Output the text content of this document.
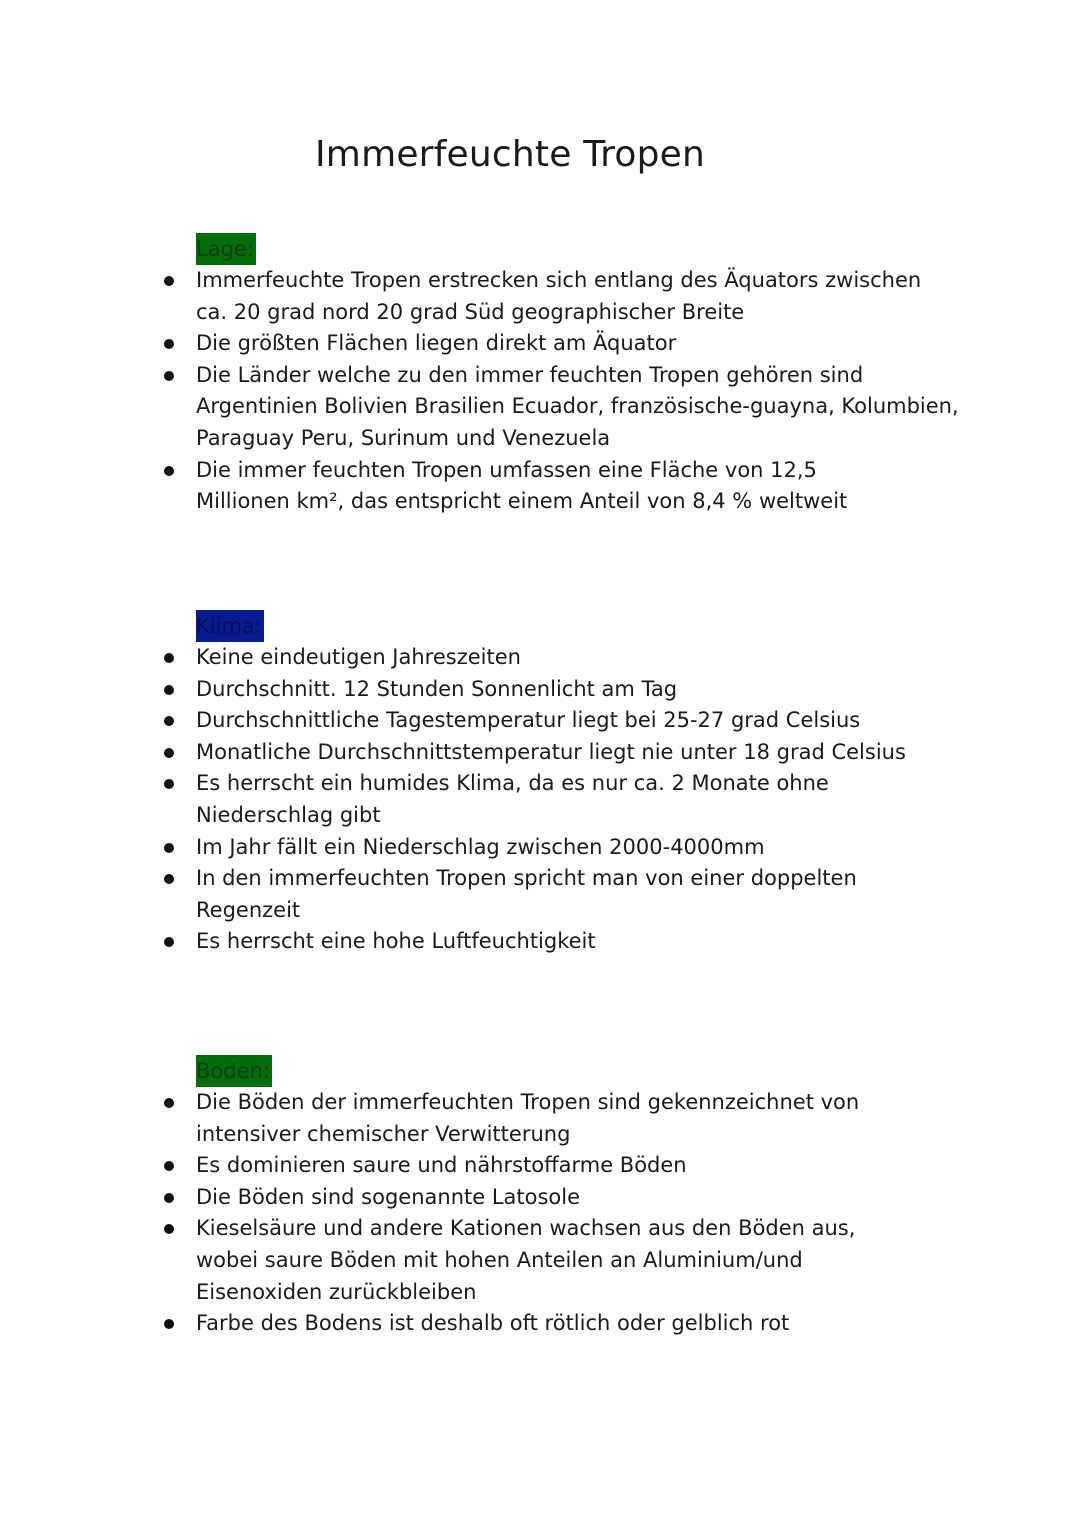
Immerfeuchte Tropen
Lage:
Immerfeuchte Tropen erstrecken sich entlang des Äquators zwischen ca. 20 grad nord 20 grad Süd geographischer Breite
Die größten Flächen liegen direkt am Äquator
Die Länder welche zu den immer feuchten Tropen gehören sind Argentinien Bolivien Brasilien Ecuador, französische-guayna, Kolumbien, Paraguay Peru, Surinum und Venezuela
Die immer feuchten Tropen umfassen eine Fläche von 12,5 Millionen km², das entspricht einem Anteil von 8,4 % weltweit
Klima:
Keine eindeutigen Jahreszeiten
Durchschnitt. 12 Stunden Sonnenlicht am Tag
Durchschnittliche Tagestemperatur liegt bei 25-27 grad Celsius
Monatliche Durchschnittstemperatur liegt nie unter 18 grad Celsius
Es herrscht ein humides Klima, da es nur ca. 2 Monate ohne Niederschlag gibt
Im Jahr fällt ein Niederschlag zwischen 2000-4000mm
In den immerfeuchten Tropen spricht man von einer doppelten Regenzeit
Es herrscht eine hohe Luftfeuchtigkeit
Boden:
Die Böden der immerfeuchten Tropen sind gekennzeichnet von intensiver chemischer Verwitterung
Es dominieren saure und nährstoffarme Böden
Die Böden sind sogenannte Latosole
Kieselsäure und andere Kationen wachsen aus den Böden aus, wobei saure Böden mit hohen Anteilen an Aluminium/und Eisenoxiden zurückbleiben
Farbe des Bodens ist deshalb oft rötlich oder gelblich rot
